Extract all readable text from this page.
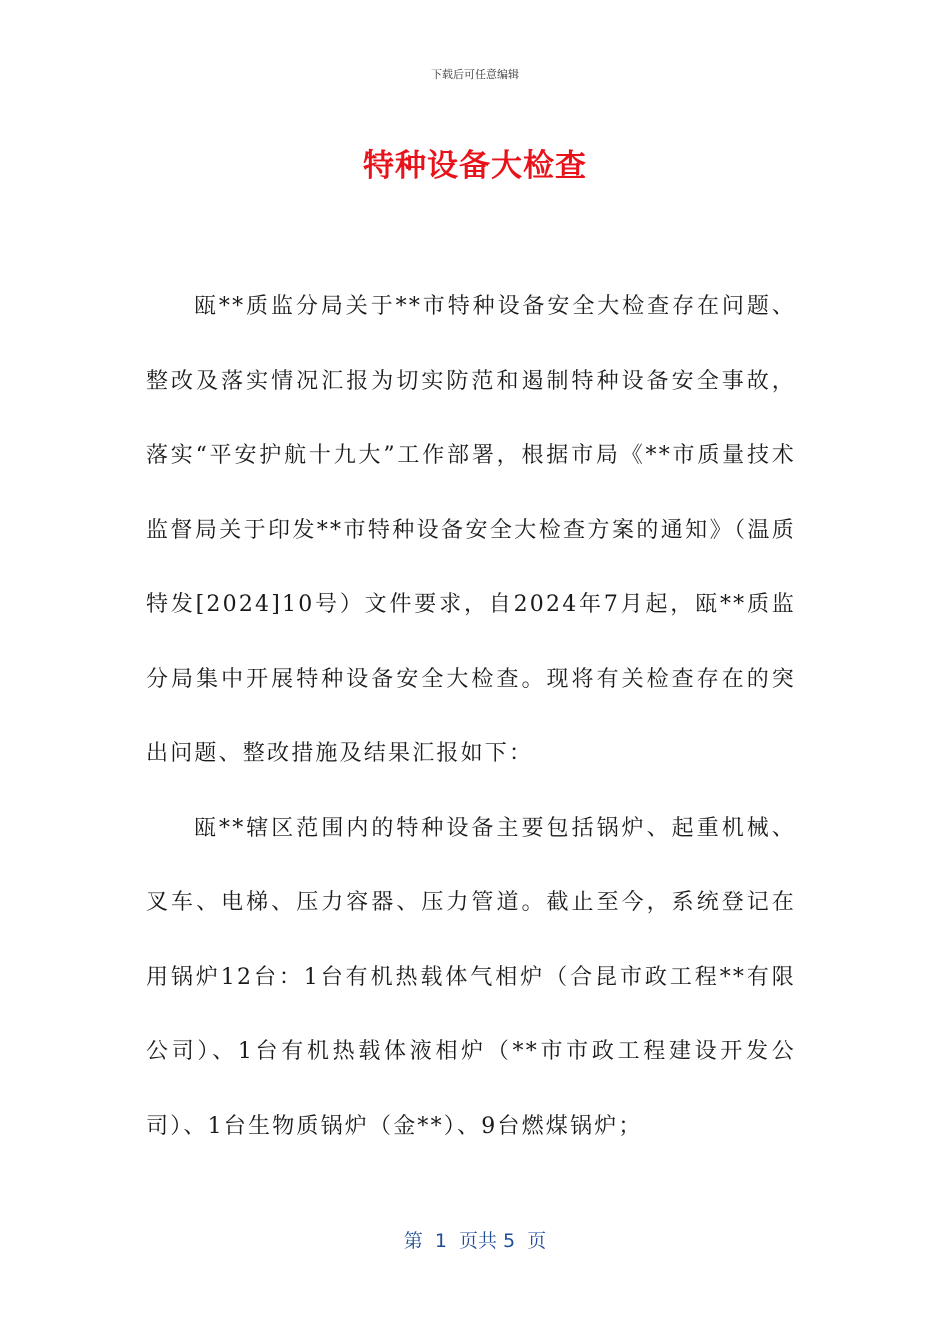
下载后可任意编辑
特种设备大检查

瓯**质监分局关于**市特种设备安全大检查存在问题、整改及落实情况汇报为切实防范和遏制特种设备安全事故，落实“平安护航十九大”工作部署，根据市局《**市质量技术监督局关于印发**市特种设备安全大检查方案的通知》（温质特发[2024]10号）文件要求，自2024年7月起，瓯**质监分局集中开展特种设备安全大检查。现将有关检查存在的突出问题、整改措施及结果汇报如下：

瓯**辖区范围内的特种设备主要包括锅炉、起重机械、叉车、电梯、压力容器、压力管道。截止至今，系统登记在用锅炉12台：1台有机热载体气相炉（合昆市政工程**有限公司）、1台有机热载体液相炉（**市市政工程建设开发公司）、1台生物质锅炉（金**）、9台燃煤锅炉；

第  1  页共 5  页
